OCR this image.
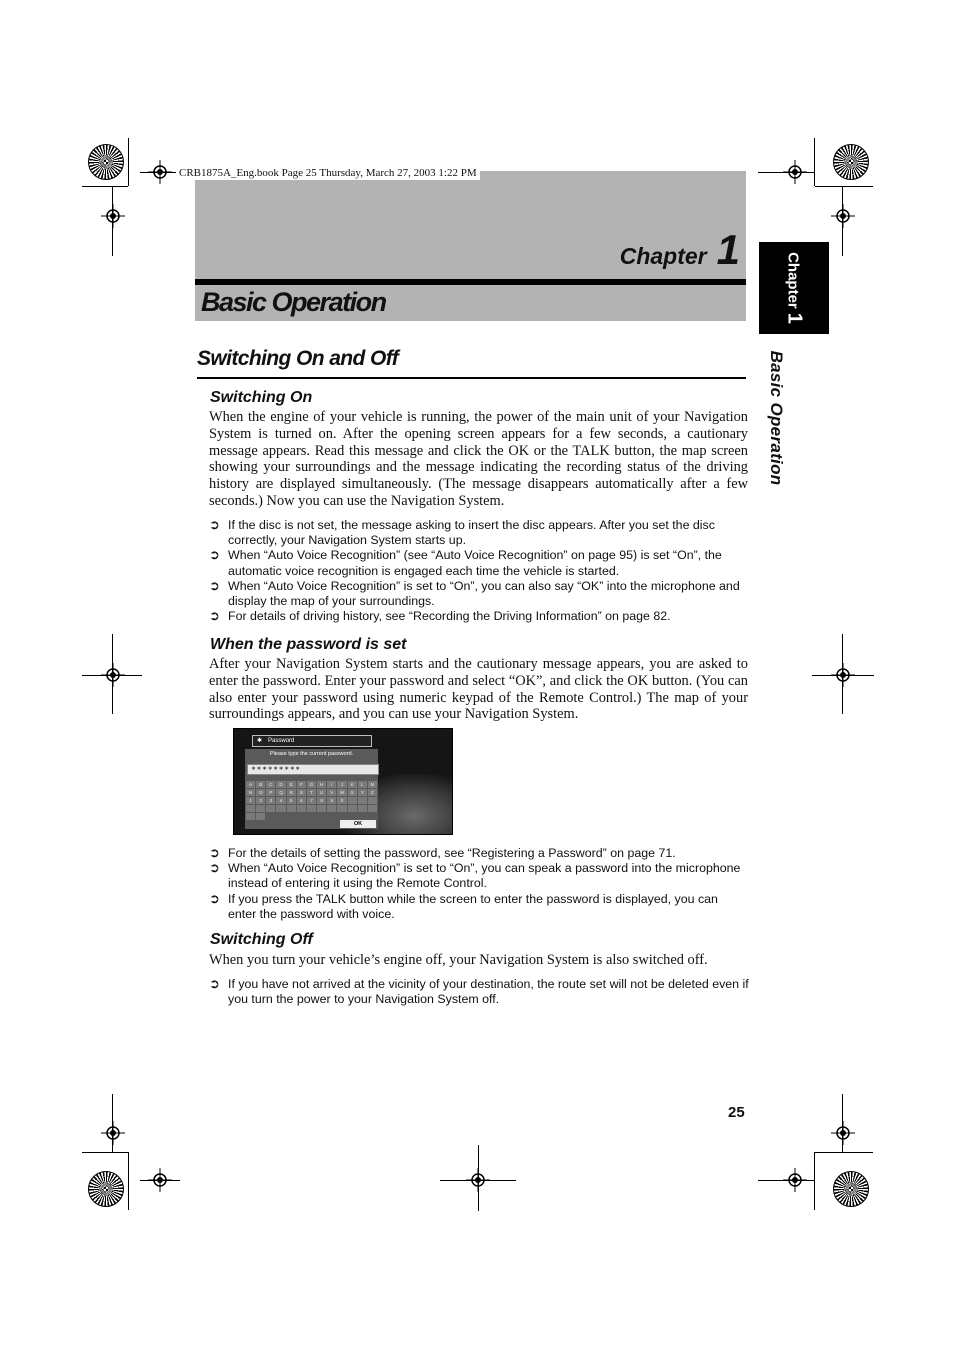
CRB1875A_Eng.book Page 25 Thursday, March 27, 2003 1:22 PM
Chapter 1
Basic Operation	Chapter1
Basic Operation
Switching On and Off
Switching On
When the engine of your vehicle is running, the power of the main unit of your Navigation System is turned on. After the opening screen appears for a few seconds, a cautionary message appears. Read this message and click the OK or the TALK button, the map screen showing your surroundings and the message indicating the recording status of the driving history are displayed simultaneously. (The message disappears automatically after a few seconds.) Now you can use the Navigation System.
➲ If the disc is not set, the message asking to insert the disc appears. After you set the disc correctly, your Navigation System starts up.
➲ When “Auto Voice Recognition” (see “Auto Voice Recognition” on page 95) is set “On”, the automatic voice recognition is engaged each time the vehicle is started.
➲ When “Auto Voice Recognition” is set to “On”, you can also say “OK” into the microphone and display the map of your surroundings.
➲ For details of driving history, see “Recording the Driving Information” on page 82.
When the password is set
After your Navigation System starts and the cautionary message appears, you are asked to enter the password. Enter your password and select “OK”, and click the OK button. (You can also enter your password using numeric keypad of the Remote Control.) The map of your surroundings appears, and you can use your Navigation System.
✱ Password
Please type the current password.
∗∗∗∗∗∗∗∗∗
A	B	C	D	E	F	G	H	I	J	K	L	M
N	O	P	Q	R	S	T	U	V	W	X	Y	Z
1	2	3	4	5	6	7	8	9	0
OK
➲ For the details of setting the password, see “Registering a Password” on page 71.
➲ When “Auto Voice Recognition” is set to “On”, you can speak a password into the microphone instead of entering it using the Remote Control.
➲ If you press the TALK button while the screen to enter the password is displayed, you can enter the password with voice.
Switching Off
When you turn your vehicle’s engine off, your Navigation System is also switched off.
➲ If you have not arrived at the vicinity of your destination, the route set will not be deleted even if you turn the power to your Navigation System off.
25
